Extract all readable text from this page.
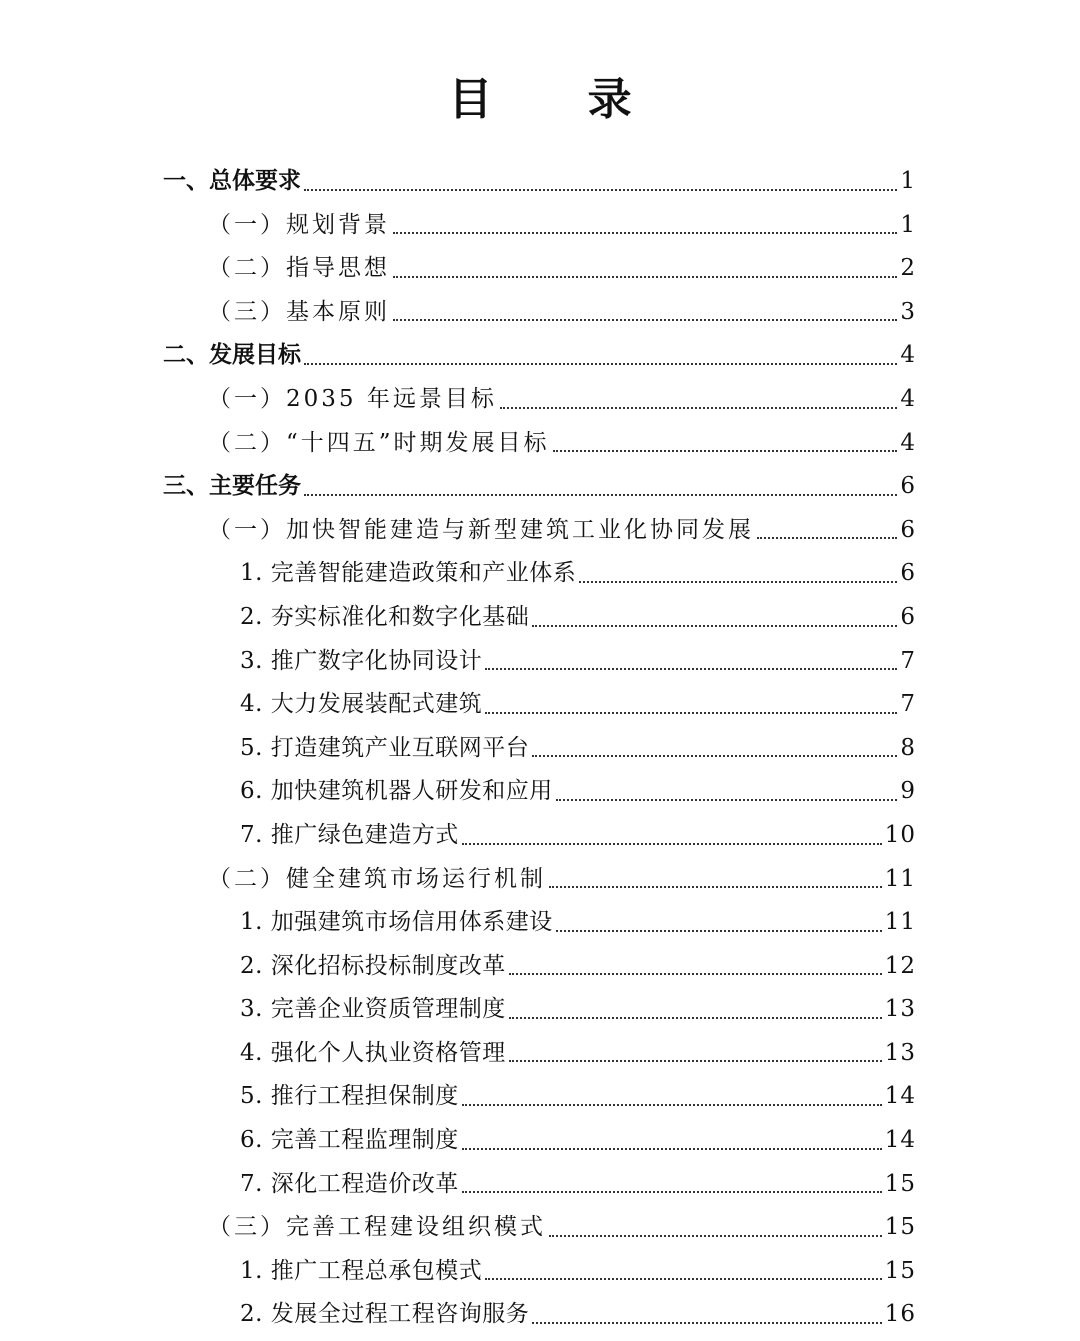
目 录
一、总体要求	1
（一）规划背景	1
（二）指导思想	2
（三）基本原则	3
二、发展目标	4
（一）2035 年远景目标	4
（二）“十四五”时期发展目标	4
三、主要任务	6
（一）加快智能建造与新型建筑工业化协同发展	6
1. 完善智能建造政策和产业体系	6
2. 夯实标准化和数字化基础	6
3. 推广数字化协同设计	7
4. 大力发展装配式建筑	7
5. 打造建筑产业互联网平台	8
6. 加快建筑机器人研发和应用	9
7. 推广绿色建造方式	10
（二）健全建筑市场运行机制	11
1. 加强建筑市场信用体系建设	11
2. 深化招标投标制度改革	12
3. 完善企业资质管理制度	13
4. 强化个人执业资格管理	13
5. 推行工程担保制度	14
6. 完善工程监理制度	14
7. 深化工程造价改革	15
（三）完善工程建设组织模式	15
1. 推广工程总承包模式	15
2. 发展全过程工程咨询服务	16
